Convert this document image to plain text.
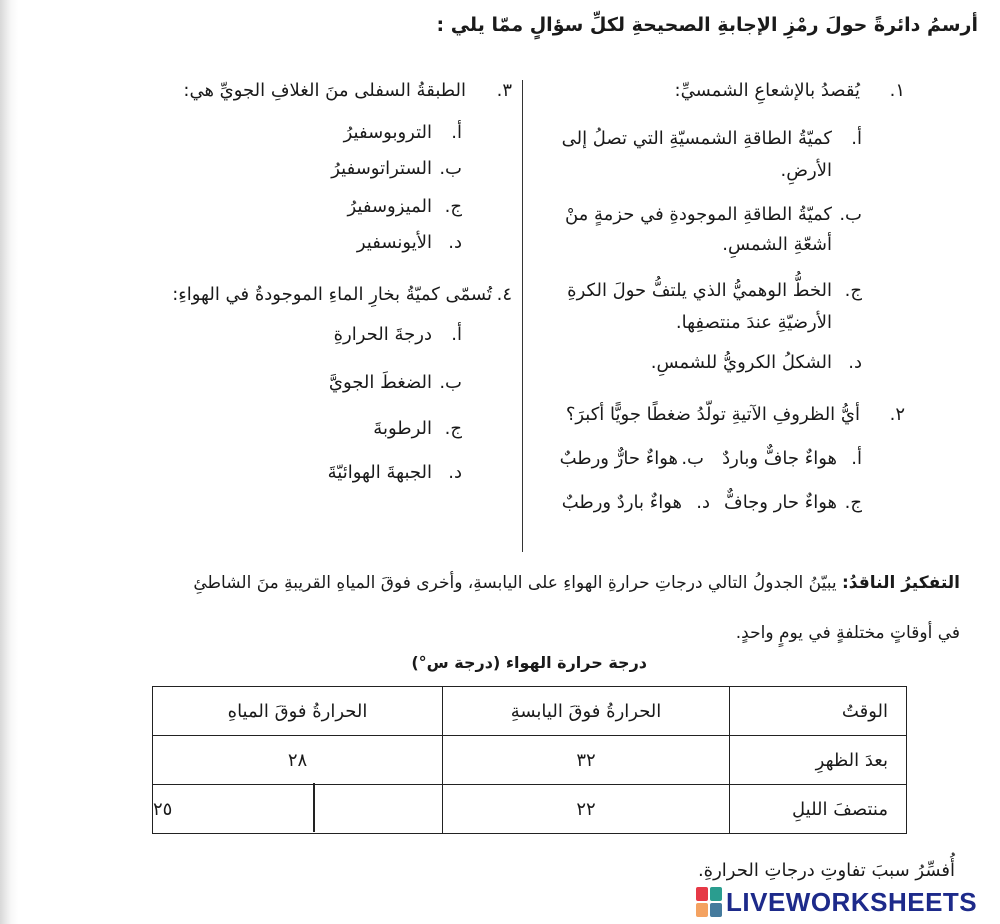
أرسمُ دائرةً حولَ رمْزِ الإجابةِ الصحيحةِ لكلِّ سؤالٍ ممّا يلي :
١.
يُقصدُ بالإشعاعِ الشمسيِّ:
أ.
كميّةُ الطاقةِ الشمسيّةِ التي تصلُ إلى
الأرضِ.
ب.
كميّةُ الطاقةِ الموجودةِ في حزمةٍ منْ
أشعّةِ الشمسِ.
ج.
الخطُّ الوهميُّ الذي يلتفُّ حولَ الكرةِ
الأرضيّةِ عندَ منتصفِها.
د.
الشكلُ الكرويُّ للشمسِ.
٢.
أيُّ الظروفِ الآتيةِ تولّدُ ضغطًا جويًّا أكبرَ؟
أ.
هواءٌ جافٌّ وباردٌ
ب.
هواءٌ حارٌّ ورطبٌ
ج.
هواءٌ حار وجافٌّ
د.
هواءٌ باردٌ ورطبٌ
٣.
الطبقةُ السفلى منَ الغلافِ الجويِّ هي:
أ.
التروبوسفيرُ
ب.
الستراتوسفيرُ
ج.
الميزوسفيرُ
د.
الأيونسفير
٤.
تُسمّى كميّةُ بخارِ الماءِ الموجودةُ في الهواءِ:
أ.
درجةَ الحرارةِ
ب.
الضغطَ الجويَّ
ج.
الرطوبةَ
د.
الجبهةَ الهوائيّةَ
التفكيرُ الناقدُ: يبيّنُ الجدولُ التالي درجاتِ حرارةِ الهواءِ على اليابسةِ، وأخرى فوقَ المياهِ القريبةِ منَ الشاطئِ
في أوقاتٍ مختلفةٍ في يومٍ واحدٍ.
درجة حرارة الهواء (درجة س°)
الوقتُ	الحرارةُ فوقَ اليابسةِ	الحرارةُ فوقَ المياهِ
بعدَ الظهرِ	٣٢	٢٨
منتصفَ الليلِ	٢٢	٢٥
أُفسِّرُ سببَ تفاوتِ درجاتِ الحرارةِ.
LIVEWORKSHEETS
